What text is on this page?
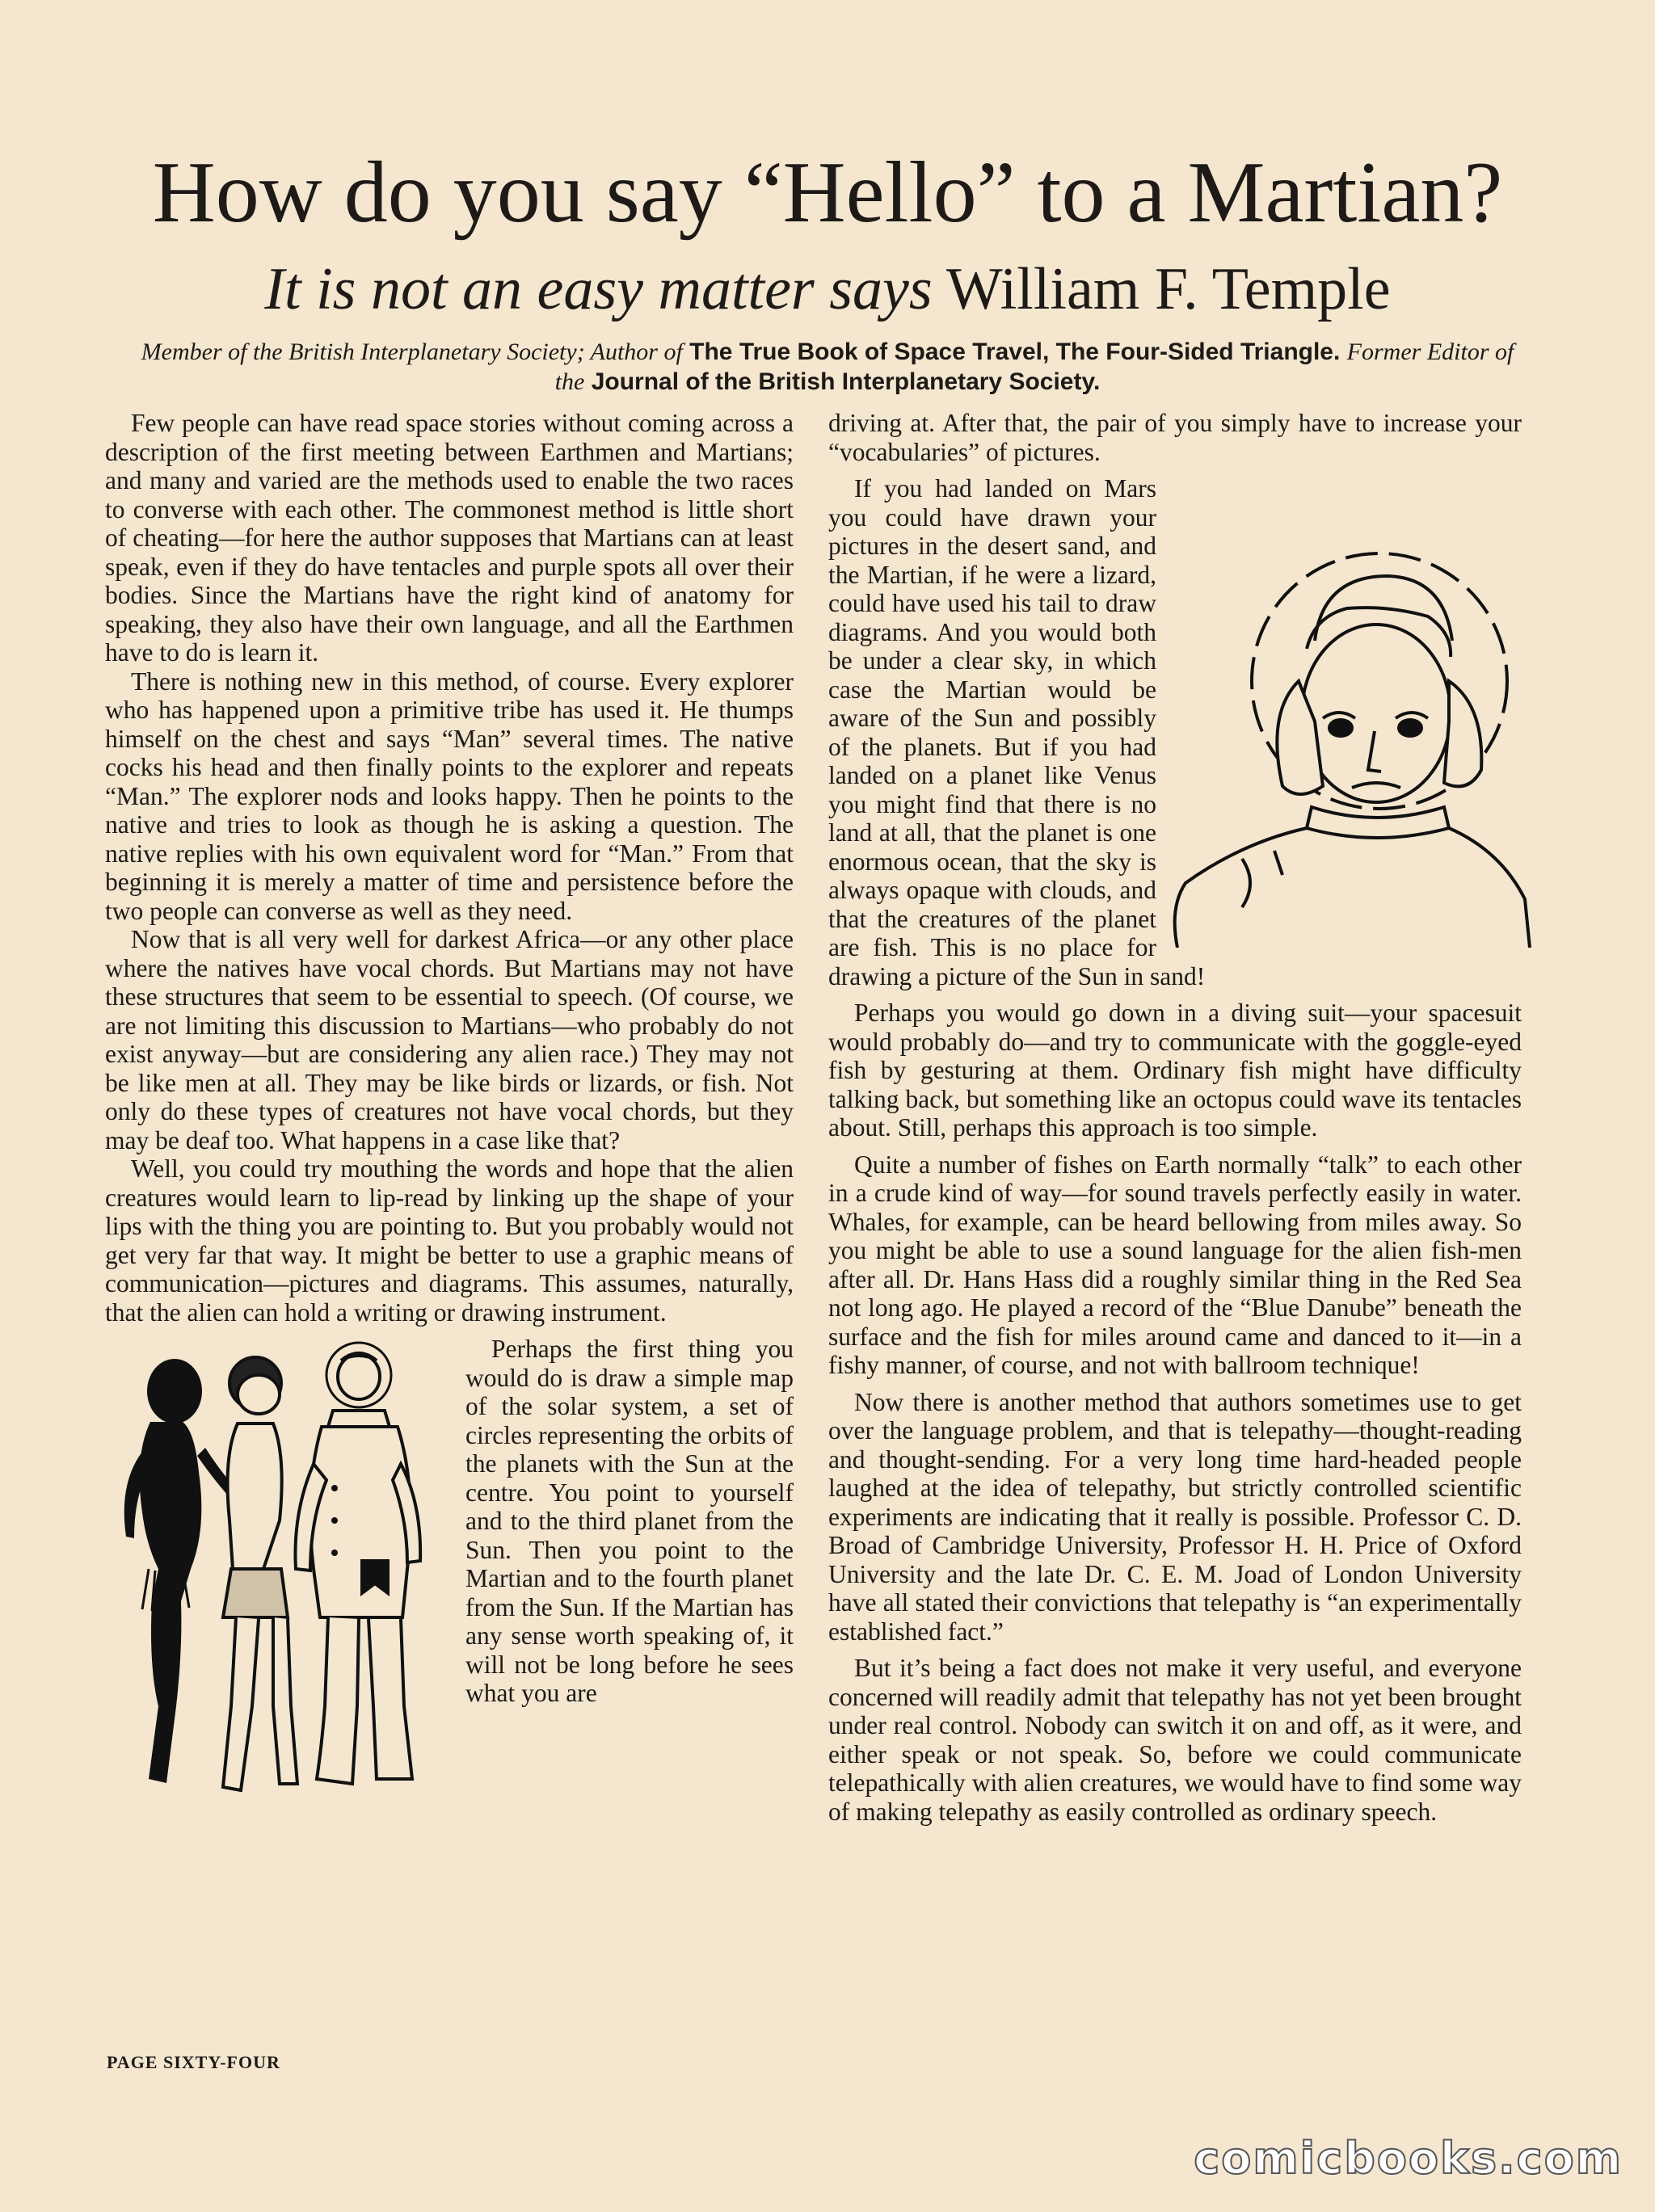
How do you say “Hello” to a Martian?
It is not an easy matter says William F. Temple
Member of the British Interplanetary Society; Author of The True Book of Space Travel, The Four-Sided Triangle. Former Editor of the Journal of the British Interplanetary Society.

Few people can have read space stories without coming across a description of the first meeting between Earthmen and Martians; and many and varied are the methods used to enable the two races to converse with each other. The commonest method is little short of cheating—for here the author supposes that Martians can at least speak, even if they do have tentacles and purple spots all over their bodies. Since the Martians have the right kind of anatomy for speaking, they also have their own language, and all the Earthmen have to do is learn it.

There is nothing new in this method, of course. Every explorer who has happened upon a primitive tribe has used it. He thumps himself on the chest and says “Man” several times. The native cocks his head and then finally points to the explorer and repeats “Man.” The explorer nods and looks happy. Then he points to the native and tries to look as though he is asking a question. The native replies with his own equivalent word for “Man.” From that beginning it is merely a matter of time and persistence before the two people can converse as well as they need.

Now that is all very well for darkest Africa—or any other place where the natives have vocal chords. But Martians may not have these structures that seem to be essential to speech. (Of course, we are not limiting this discussion to Martians—who probably do not exist anyway—but are considering any alien race.) They may not be like men at all. They may be like birds or lizards, or fish. Not only do these types of creatures not have vocal chords, but they may be deaf too. What happens in a case like that?

Well, you could try mouthing the words and hope that the alien creatures would learn to lip-read by linking up the shape of your lips with the thing you are pointing to. But you probably would not get very far that way. It might be better to use a graphic means of communication—pictures and diagrams. This assumes, naturally, that the alien can hold a writing or drawing instrument.

Perhaps the first thing you would do is draw a simple map of the solar system, a set of circles representing the orbits of the planets with the Sun at the centre. You point to yourself and to the third planet from the Sun. Then you point to the Martian and to the fourth planet from the Sun. If the Martian has any sense worth speaking of, it will not be long before he sees what you are

driving at. After that, the pair of you simply have to increase your “vocabularies” of pictures.

If you had landed on Mars you could have drawn your pictures in the desert sand, and the Martian, if he were a lizard, could have used his tail to draw diagrams. And you would both be under a clear sky, in which case the Martian would be aware of the Sun and possibly of the planets. But if you had landed on a planet like Venus you might find that there is no land at all, that the planet is one enormous ocean, that the sky is always opaque with clouds, and that the creatures of the planet are fish. This is no place for drawing a picture of the Sun in sand!

Perhaps you would go down in a diving suit—your spacesuit would probably do—and try to communicate with the goggle-eyed fish by gesturing at them. Ordinary fish might have difficulty talking back, but something like an octopus could wave its tentacles about. Still, perhaps this approach is too simple.

Quite a number of fishes on Earth normally “talk” to each other in a crude kind of way—for sound travels perfectly easily in water. Whales, for example, can be heard bellowing from miles away. So you might be able to use a sound language for the alien fish-men after all. Dr. Hans Hass did a roughly similar thing in the Red Sea not long ago. He played a record of the “Blue Danube” beneath the surface and the fish for miles around came and danced to it—in a fishy manner, of course, and not with ballroom technique!

Now there is another method that authors sometimes use to get over the language problem, and that is telepathy—thought-reading and thought-sending. For a very long time hard-headed people laughed at the idea of telepathy, but strictly controlled scientific experiments are indicating that it really is possible. Professor C. D. Broad of Cambridge University, Professor H. H. Price of Oxford University and the late Dr. C. E. M. Joad of London University have all stated their convictions that telepathy is “an experimentally established fact.”

But it’s being a fact does not make it very useful, and everyone concerned will readily admit that telepathy has not yet been brought under real control. Nobody can switch it on and off, as it were, and either speak or not speak. So, before we could communicate telepathically with alien creatures, we would have to find some way of making telepathy as easily controlled as ordinary speech.

PAGE SIXTY-FOUR
comicbooks.com
